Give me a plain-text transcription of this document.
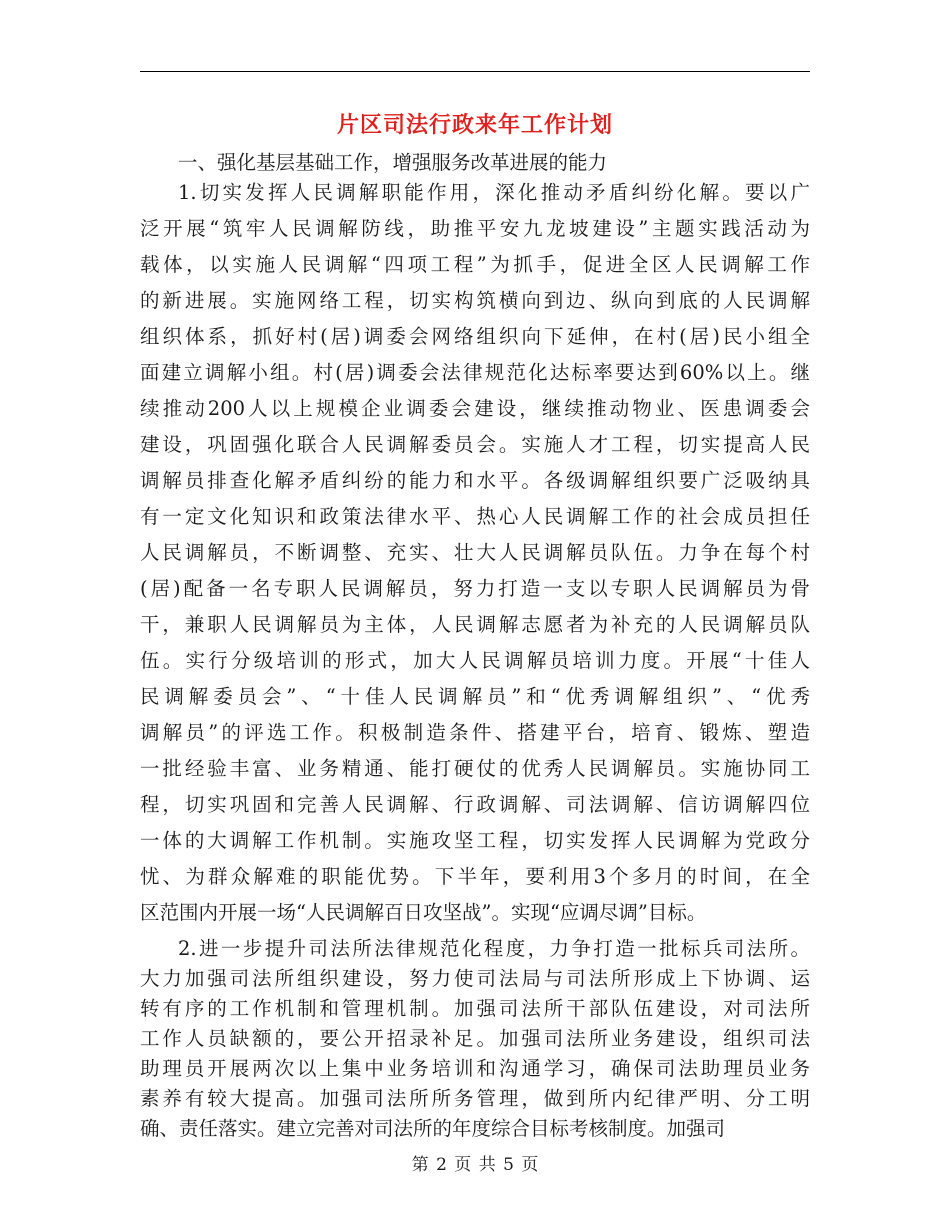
片区司法行政来年工作计划
一、强化基层基础工作，增强服务改革进展的能力
1.切实发挥人民调解职能作用，深化推动矛盾纠纷化解。要以广
泛开展“筑牢人民调解防线，助推平安九龙坡建设”主题实践活动为
载体，以实施人民调解“四项工程”为抓手，促进全区人民调解工作
的新进展。实施网络工程，切实构筑横向到边、纵向到底的人民调解
组织体系，抓好村(居)调委会网络组织向下延伸，在村(居)民小组全
面建立调解小组。村(居)调委会法律规范化达标率要达到60%以上。继
续推动200人以上规模企业调委会建设，继续推动物业、医患调委会
建设，巩固强化联合人民调解委员会。实施人才工程，切实提高人民
调解员排查化解矛盾纠纷的能力和水平。各级调解组织要广泛吸纳具
有一定文化知识和政策法律水平、热心人民调解工作的社会成员担任
人民调解员，不断调整、充实、壮大人民调解员队伍。力争在每个村
(居)配备一名专职人民调解员，努力打造一支以专职人民调解员为骨
干，兼职人民调解员为主体，人民调解志愿者为补充的人民调解员队
伍。实行分级培训的形式，加大人民调解员培训力度。开展“十佳人
民调解委员会”、“十佳人民调解员”和“优秀调解组织”、“优秀
调解员”的评选工作。积极制造条件、搭建平台，培育、锻炼、塑造
一批经验丰富、业务精通、能打硬仗的优秀人民调解员。实施协同工
程，切实巩固和完善人民调解、行政调解、司法调解、信访调解四位
一体的大调解工作机制。实施攻坚工程，切实发挥人民调解为党政分
忧、为群众解难的职能优势。下半年，要利用3个多月的时间，在全
区范围内开展一场“人民调解百日攻坚战”。实现“应调尽调”目标。
2.进一步提升司法所法律规范化程度，力争打造一批标兵司法所。
大力加强司法所组织建设，努力使司法局与司法所形成上下协调、运
转有序的工作机制和管理机制。加强司法所干部队伍建设，对司法所
工作人员缺额的，要公开招录补足。加强司法所业务建设，组织司法
助理员开展两次以上集中业务培训和沟通学习，确保司法助理员业务
素养有较大提高。加强司法所所务管理，做到所内纪律严明、分工明
确、责任落实。建立完善对司法所的年度综合目标考核制度。加强司
第 2 页 共 5 页
